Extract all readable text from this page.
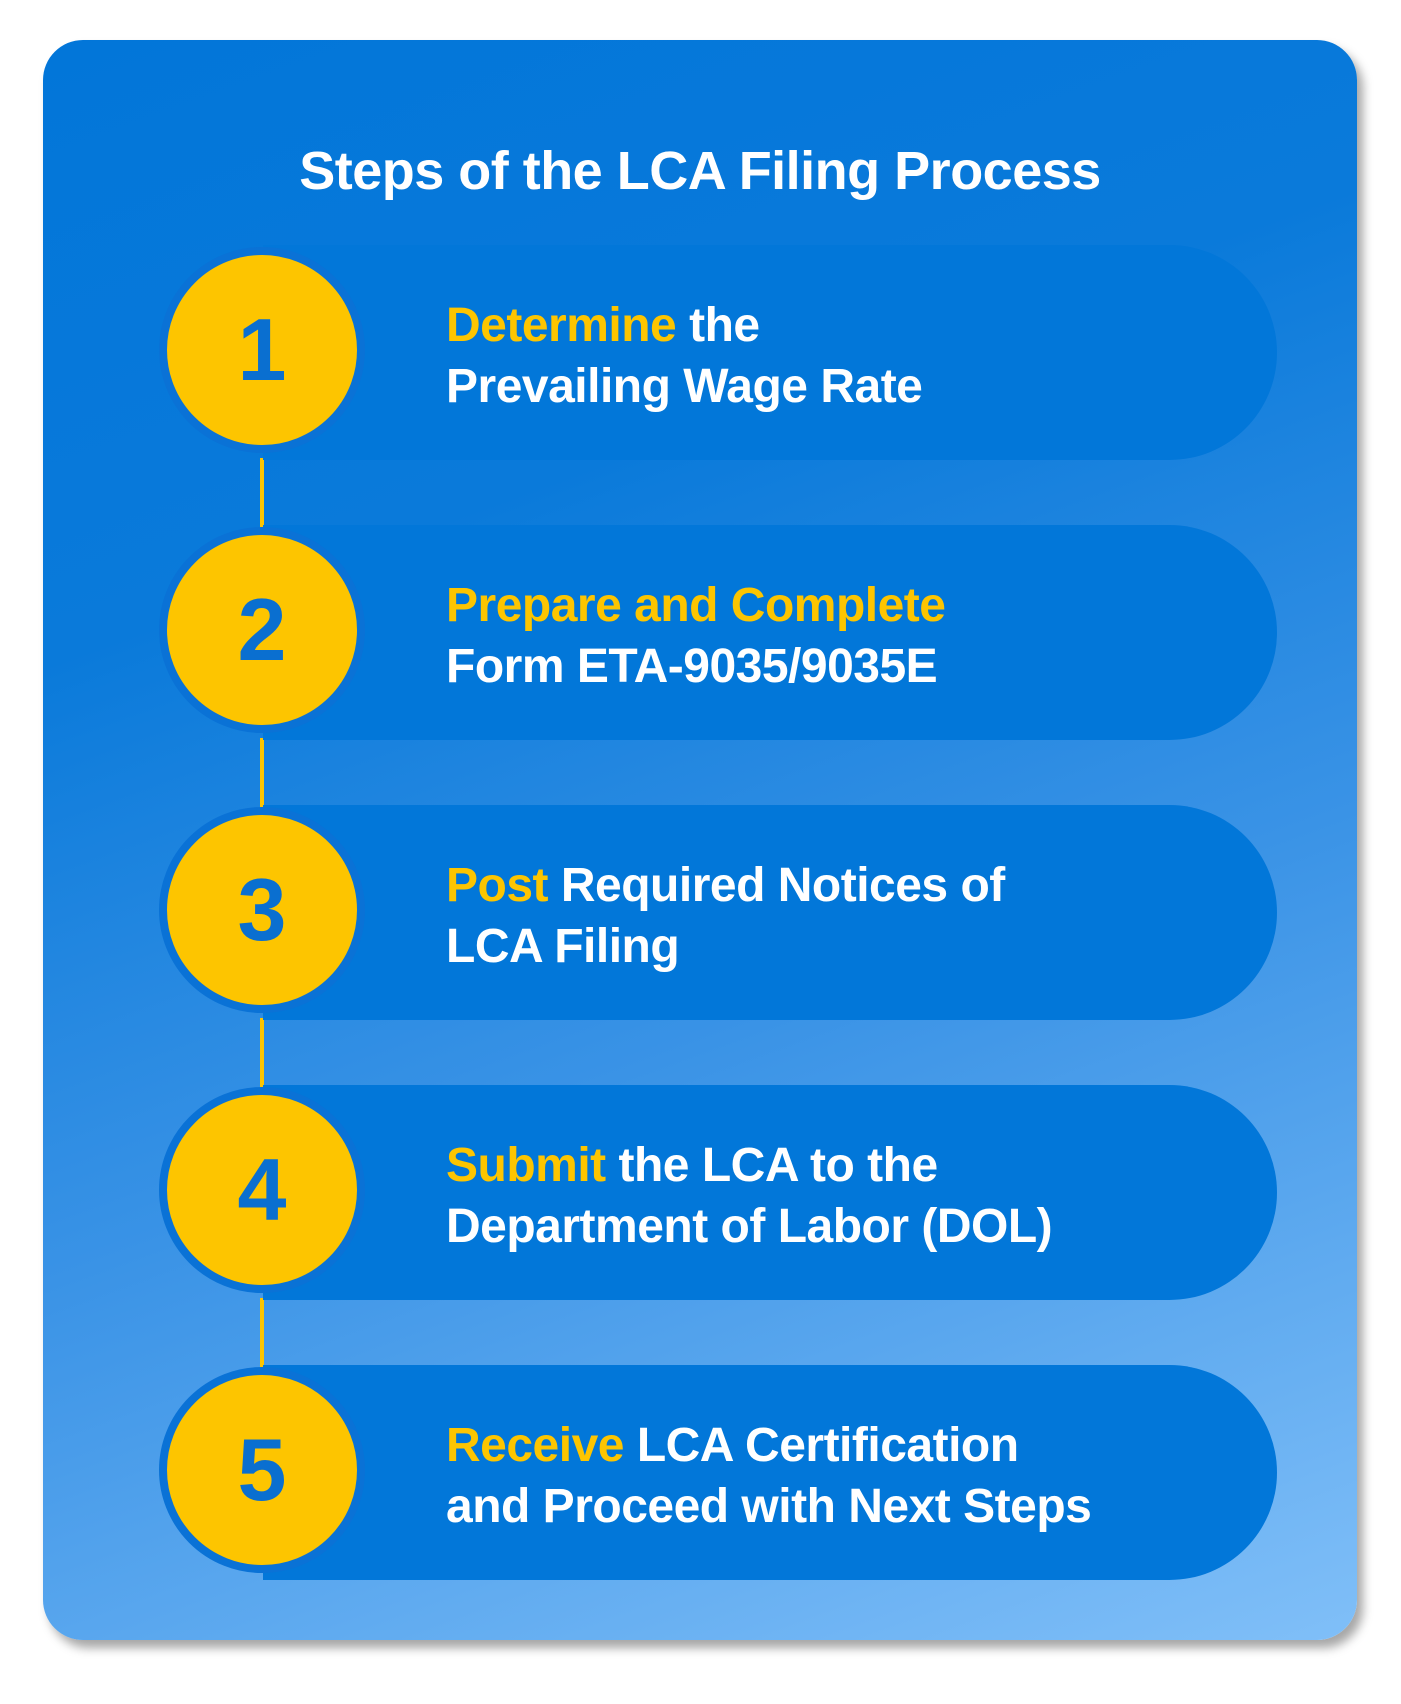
Steps of the LCA Filing Process
1	Determine the
Prevailing Wage Rate
2	Prepare and Complete
Form ETA-9035/9035E
3	Post Required Notices of
LCA Filing
4	Submit the LCA to the
Department of Labor (DOL)
5	Receive LCA Certification
and Proceed with Next Steps
